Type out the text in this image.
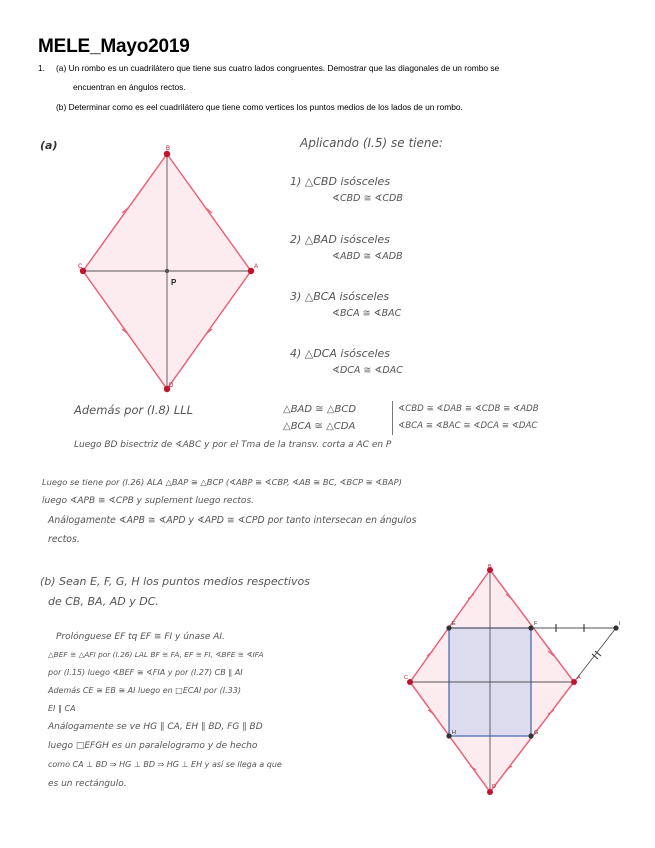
MELE_Mayo2019
1. (a) Un rombo es un cuadrilátero que tiene sus cuatro lados congruentes. Demostrar que las diagonales de un rombo se
encuentran en ángulos rectos.
(b) Determinar como es eel cuadrilátero que tiene como vertices los puntos medios de los lados de un rombo.
B
A
D
C
P
B
A
D
C
E	F
G
H
I
(a)	Aplicando (I.5) se tiene:
1) △CBD isósceles
∢CBD ≅ ∢CDB
2) △BAD isósceles
∢ABD ≅ ∢ADB
3) △BCA isósceles
∢BCA ≅ ∢BAC
4) △DCA isósceles
∢DCA ≅ ∢DAC
Además por (I.8) LLL	△BAD ≅ △BCD
△BCA ≅ △CDA
∢CBD ≅ ∢DAB ≅ ∢CDB ≅ ∢ADB
∢BCA ≅ ∢BAC ≅ ∢DCA ≅ ∢DAC
Luego BD bisectriz de ∢ABC y por el Tma de la transv. corta a AC en P
Luego se tiene por (I.26) ALA △BAP ≅ △BCP (∢ABP ≅ ∢CBP, ∢AB ≅ BC, ∢BCP ≅ ∢BAP)
luego ∢APB ≅ ∢CPB y suplement luego rectos.
Análogamente ∢APB ≅ ∢APD y ∢APD ≅ ∢CPD por tanto intersecan en ángulos
rectos.
(b) Sean E, F, G, H los puntos medios respectivos
de CB, BA, AD y DC.
Prolónguese EF tq EF ≅ FI y únase AI.
△BEF ≅ △AFI por (I.26) LAL BF ≅ FA, EF ≅ FI, ∢BFE ≅ ∢IFA
por (I.15) luego ∢BEF ≅ ∢FIA y por (I.27) CB ∥ AI
Además CE ≅ EB ≅ AI luego en □ECAI por (I.33)
EI ∥ CA
Análogamente se ve HG ∥ CA, EH ∥ BD, FG ∥ BD
luego □EFGH es un paralelogramo y de hecho
como CA ⊥ BD ⇒ HG ⊥ BD ⇒ HG ⊥ EH y así se llega a que
es un rectángulo.
